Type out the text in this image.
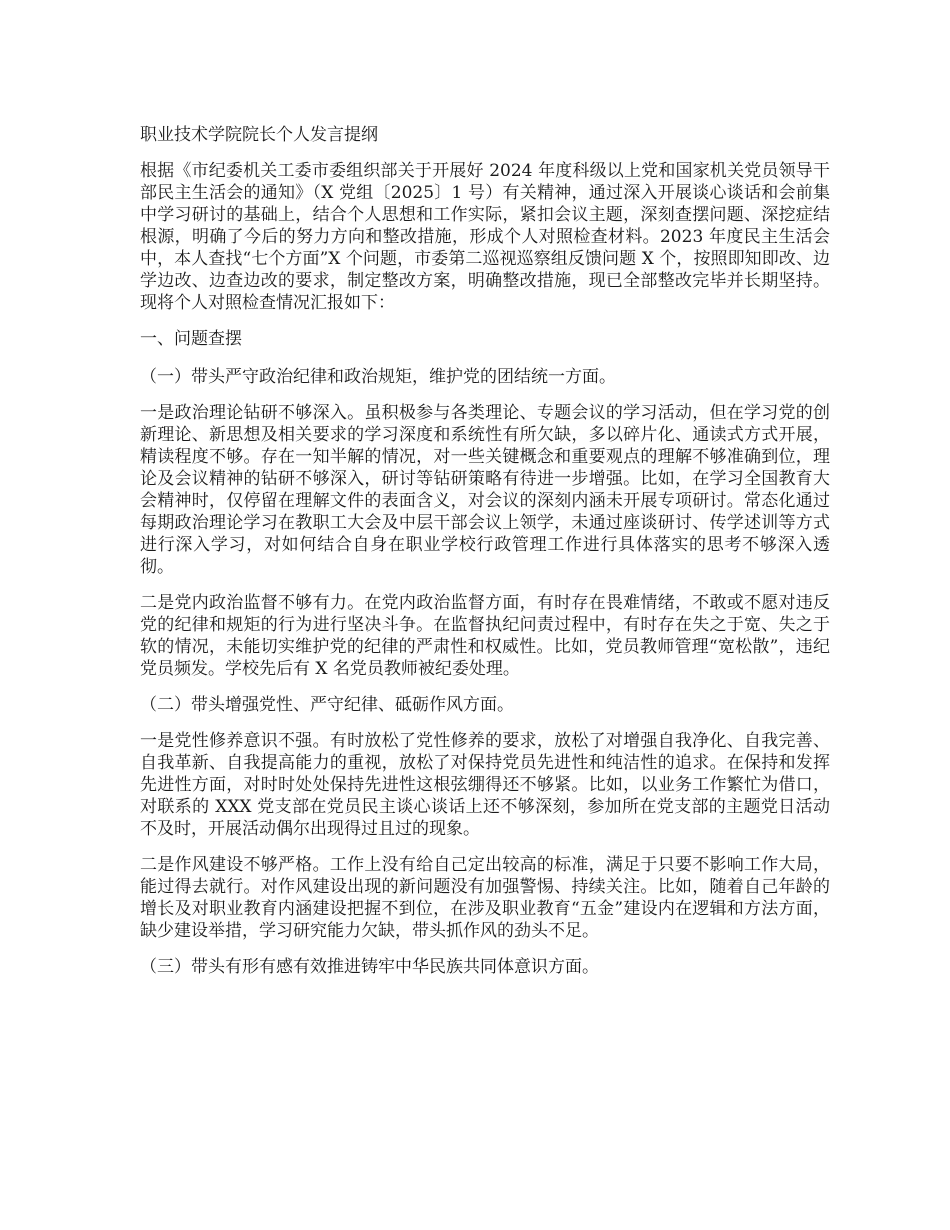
职业技术学院院长个人发言提纲

根据《市纪委机关工委市委组织部关于开展好 2024 年度科级以上党和国家机关党员领导干部民主生活会的通知》（X 党组〔2025〕1 号）有关精神，通过深入开展谈心谈话和会前集中学习研讨的基础上，结合个人思想和工作实际，紧扣会议主题，深刻查摆问题、深挖症结根源，明确了今后的努力方向和整改措施，形成个人对照检查材料。2023 年度民主生活会中，本人查找“七个方面”X 个问题，市委第二巡视巡察组反馈问题 X 个，按照即知即改、边学边改、边查边改的要求，制定整改方案，明确整改措施，现已全部整改完毕并长期坚持。现将个人对照检查情况汇报如下：

一、问题查摆

（一）带头严守政治纪律和政治规矩，维护党的团结统一方面。

一是政治理论钻研不够深入。虽积极参与各类理论、专题会议的学习活动，但在学习党的创新理论、新思想及相关要求的学习深度和系统性有所欠缺，多以碎片化、通读式方式开展，精读程度不够。存在一知半解的情况，对一些关键概念和重要观点的理解不够准确到位，理论及会议精神的钻研不够深入，研讨等钻研策略有待进一步增强。比如，在学习全国教育大会精神时，仅停留在理解文件的表面含义，对会议的深刻内涵未开展专项研讨。常态化通过每期政治理论学习在教职工大会及中层干部会议上领学，未通过座谈研讨、传学述训等方式进行深入学习，对如何结合自身在职业学校行政管理工作进行具体落实的思考不够深入透彻。

二是党内政治监督不够有力。在党内政治监督方面，有时存在畏难情绪，不敢或不愿对违反党的纪律和规矩的行为进行坚决斗争。在监督执纪问责过程中，有时存在失之于宽、失之于软的情况，未能切实维护党的纪律的严肃性和权威性。比如，党员教师管理“宽松散”，违纪党员频发。学校先后有 X 名党员教师被纪委处理。

（二）带头增强党性、严守纪律、砥砺作风方面。

一是党性修养意识不强。有时放松了党性修养的要求，放松了对增强自我净化、自我完善、自我革新、自我提高能力的重视，放松了对保持党员先进性和纯洁性的追求。在保持和发挥先进性方面，对时时处处保持先进性这根弦绷得还不够紧。比如，以业务工作繁忙为借口，对联系的 XXX 党支部在党员民主谈心谈话上还不够深刻，参加所在党支部的主题党日活动不及时，开展活动偶尔出现得过且过的现象。

二是作风建设不够严格。工作上没有给自己定出较高的标准，满足于只要不影响工作大局，能过得去就行。对作风建设出现的新问题没有加强警惕、持续关注。比如，随着自己年龄的增长及对职业教育内涵建设把握不到位，在涉及职业教育“五金”建设内在逻辑和方法方面，缺少建设举措，学习研究能力欠缺，带头抓作风的劲头不足。

（三）带头有形有感有效推进铸牢中华民族共同体意识方面。
